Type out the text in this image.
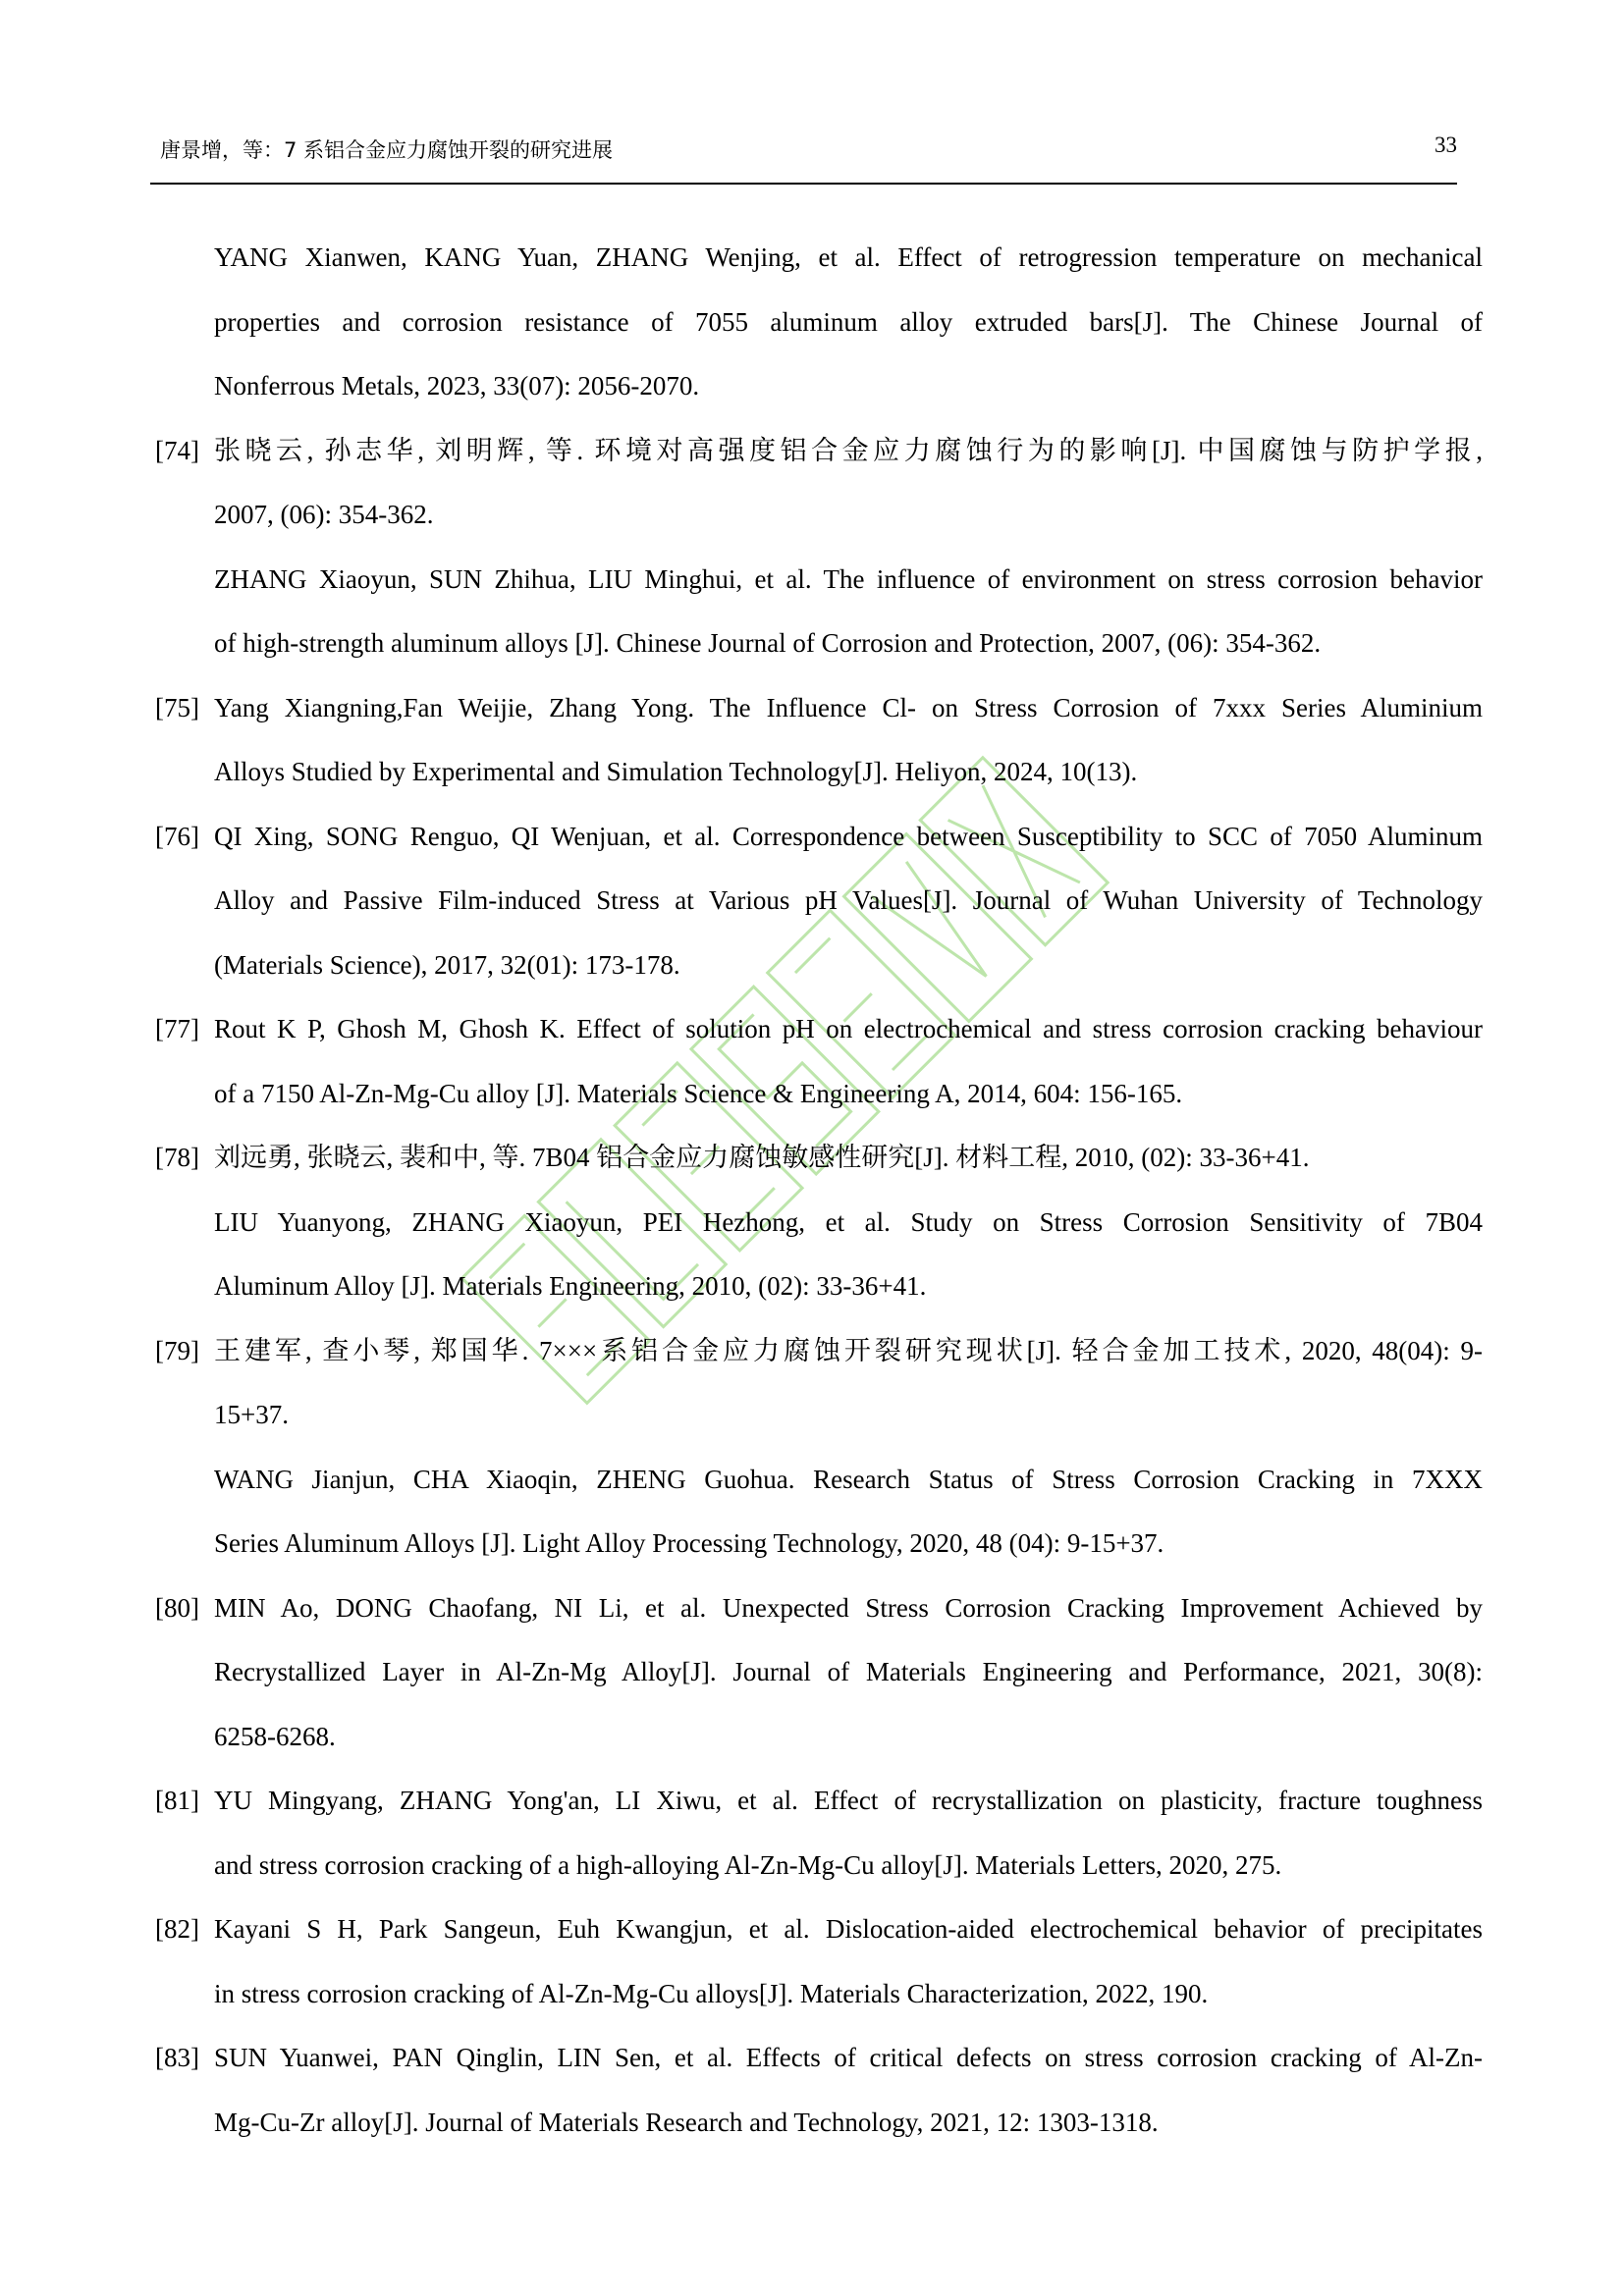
唐景增，等：7 系铝合金应力腐蚀开裂的研究进展	33
YANG Xianwen, KANG Yuan, ZHANG Wenjing, et al. Effect of retrogression temperature on mechanical
properties and corrosion resistance of 7055 aluminum alloy extruded bars[J]. The Chinese Journal of
Nonferrous Metals, 2023, 33(07): 2056-2070.
[74] 张晓云, 孙志华, 刘明辉, 等. 环境对高强度铝合金应力腐蚀行为的影响[J]. 中国腐蚀与防护学报,
2007, (06): 354-362.
ZHANG Xiaoyun, SUN Zhihua, LIU Minghui, et al. The influence of environment on stress corrosion behavior
of high-strength aluminum alloys [J]. Chinese Journal of Corrosion and Protection, 2007, (06): 354-362.
[75] Yang Xiangning,Fan Weijie, Zhang Yong. The Influence Cl- on Stress Corrosion of 7xxx Series Aluminium
Alloys Studied by Experimental and Simulation Technology[J]. Heliyon, 2024, 10(13).
[76] QI Xing, SONG Renguo, QI Wenjuan, et al. Correspondence between Susceptibility to SCC of 7050 Aluminum
Alloy and Passive Film-induced Stress at Various pH Values[J]. Journal of Wuhan University of Technology
(Materials Science), 2017, 32(01): 173-178.
[77] Rout K P, Ghosh M, Ghosh K. Effect of solution pH on electrochemical and stress corrosion cracking behaviour
of a 7150 Al-Zn-Mg-Cu alloy [J]. Materials Science & Engineering A, 2014, 604: 156-165.
[78] 刘远勇, 张晓云, 裴和中, 等. 7B04 铝合金应力腐蚀敏感性研究[J]. 材料工程, 2010, (02): 33-36+41.
LIU Yuanyong, ZHANG Xiaoyun, PEI Hezhong, et al. Study on Stress Corrosion Sensitivity of 7B04
Aluminum Alloy [J]. Materials Engineering, 2010, (02): 33-36+41.
[79] 王建军, 查小琴, 郑国华. 7×××系铝合金应力腐蚀开裂研究现状[J]. 轻合金加工技术, 2020, 48(04): 9-
15+37.
WANG Jianjun, CHA Xiaoqin, ZHENG Guohua. Research Status of Stress Corrosion Cracking in 7XXX
Series Aluminum Alloys [J]. Light Alloy Processing Technology, 2020, 48 (04): 9-15+37.
[80] MIN Ao, DONG Chaofang, NI Li, et al. Unexpected Stress Corrosion Cracking Improvement Achieved by
Recrystallized Layer in Al-Zn-Mg Alloy[J]. Journal of Materials Engineering and Performance, 2021, 30(8):
6258-6268.
[81] YU Mingyang, ZHANG Yong'an, LI Xiwu, et al. Effect of recrystallization on plasticity, fracture toughness
and stress corrosion cracking of a high-alloying Al-Zn-Mg-Cu alloy[J]. Materials Letters, 2020, 275.
[82] Kayani S H, Park Sangeun, Euh Kwangjun, et al. Dislocation-aided electrochemical behavior of precipitates
in stress corrosion cracking of Al-Zn-Mg-Cu alloys[J]. Materials Characterization, 2022, 190.
[83] SUN Yuanwei, PAN Qinglin, LIN Sen, et al. Effects of critical defects on stress corrosion cracking of Al-Zn-
Mg-Cu-Zr alloy[J]. Journal of Materials Research and Technology, 2021, 12: 1303-1318.
